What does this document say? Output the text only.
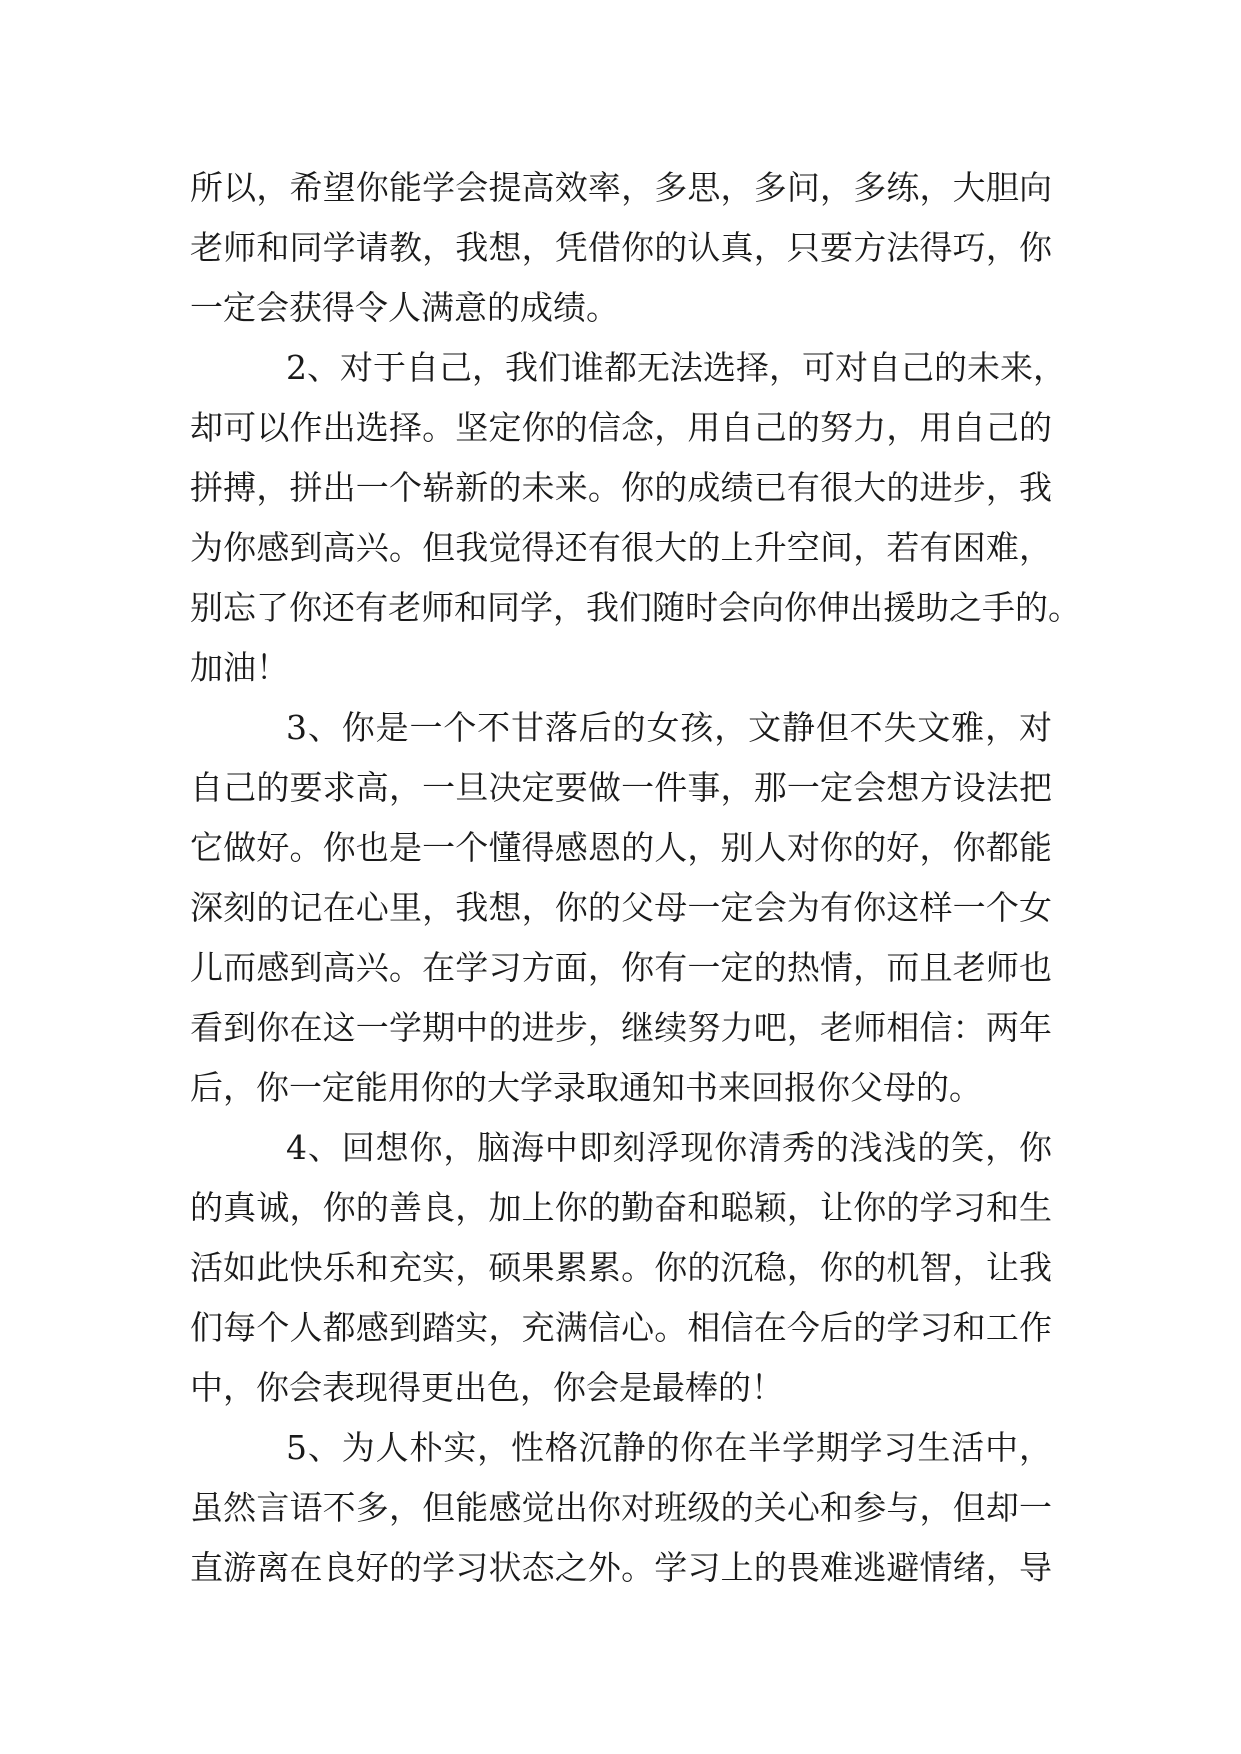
所以，希望你能学会提高效率，多思，多问，多练，大胆向
老师和同学请教，我想，凭借你的认真，只要方法得巧，你
一定会获得令人满意的成绩。
2、对于自己，我们谁都无法选择，可对自己的未来，
却可以作出选择。坚定你的信念，用自己的努力，用自己的
拼搏，拼出一个崭新的未来。你的成绩已有很大的进步，我
为你感到高兴。但我觉得还有很大的上升空间，若有困难，
别忘了你还有老师和同学，我们随时会向你伸出援助之手的。
加油！
3、你是一个不甘落后的女孩，文静但不失文雅，对
自己的要求高，一旦决定要做一件事，那一定会想方设法把
它做好。你也是一个懂得感恩的人，别人对你的好，你都能
深刻的记在心里，我想，你的父母一定会为有你这样一个女
儿而感到高兴。在学习方面，你有一定的热情，而且老师也
看到你在这一学期中的进步，继续努力吧，老师相信：两年
后，你一定能用你的大学录取通知书来回报你父母的。
4、回想你，脑海中即刻浮现你清秀的浅浅的笑，你
的真诚，你的善良，加上你的勤奋和聪颖，让你的学习和生
活如此快乐和充实，硕果累累。你的沉稳，你的机智，让我
们每个人都感到踏实，充满信心。相信在今后的学习和工作
中，你会表现得更出色，你会是最棒的！
5、为人朴实，性格沉静的你在半学期学习生活中，
虽然言语不多，但能感觉出你对班级的关心和参与，但却一
直游离在良好的学习状态之外。学习上的畏难逃避情绪，导
